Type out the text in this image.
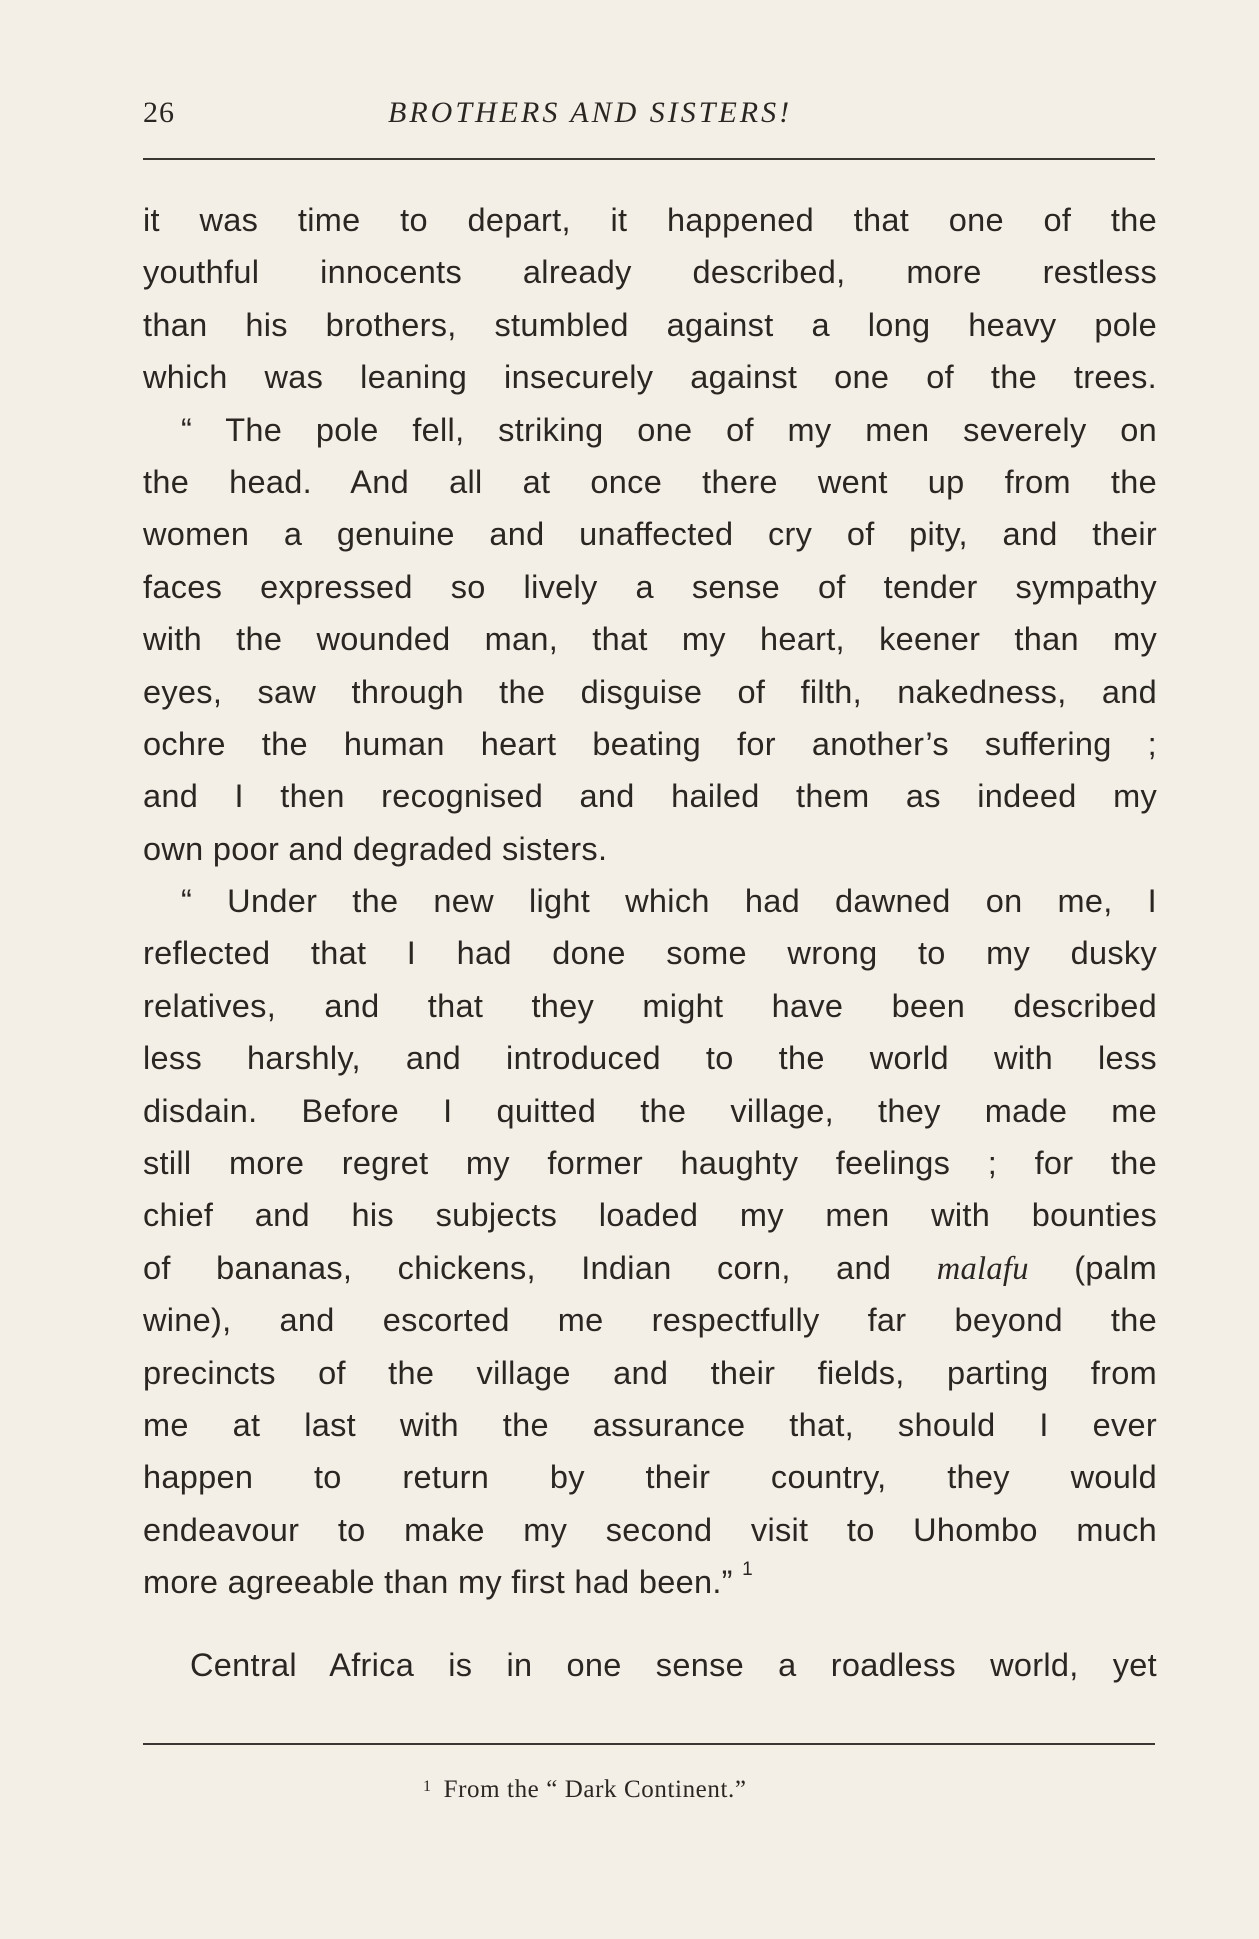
26	BROTHERS AND SISTERS!
it was time to depart, it happened that one of the
youthful innocents already described, more restless
than his brothers, stumbled against a long heavy pole
which was leaning insecurely against one of the trees.
“ The pole fell, striking one of my men severely on
the head. And all at once there went up from the
women a genuine and unaffected cry of pity, and their
faces expressed so lively a sense of tender sympathy
with the wounded man, that my heart, keener than my
eyes, saw through the disguise of filth, nakedness, and
ochre the human heart beating for another’s suffering ;
and I then recognised and hailed them as indeed my
own poor and degraded sisters.
“ Under the new light which had dawned on me, I
reflected that I had done some wrong to my dusky
relatives, and that they might have been described
less harshly, and introduced to the world with less
disdain. Before I quitted the village, they made me
still more regret my former haughty feelings ; for the
chief and his subjects loaded my men with bounties
of bananas, chickens, Indian corn, and malafu (palm
wine), and escorted me respectfully far beyond the
precincts of the village and their fields, parting from
me at last with the assurance that, should I ever
happen to return by their country, they would
endeavour to make my second visit to Uhombo much
more agreeable than my first had been.” $^1$
Central Africa is in one sense a roadless world, yet
$^1$ From the “ Dark Continent.”
